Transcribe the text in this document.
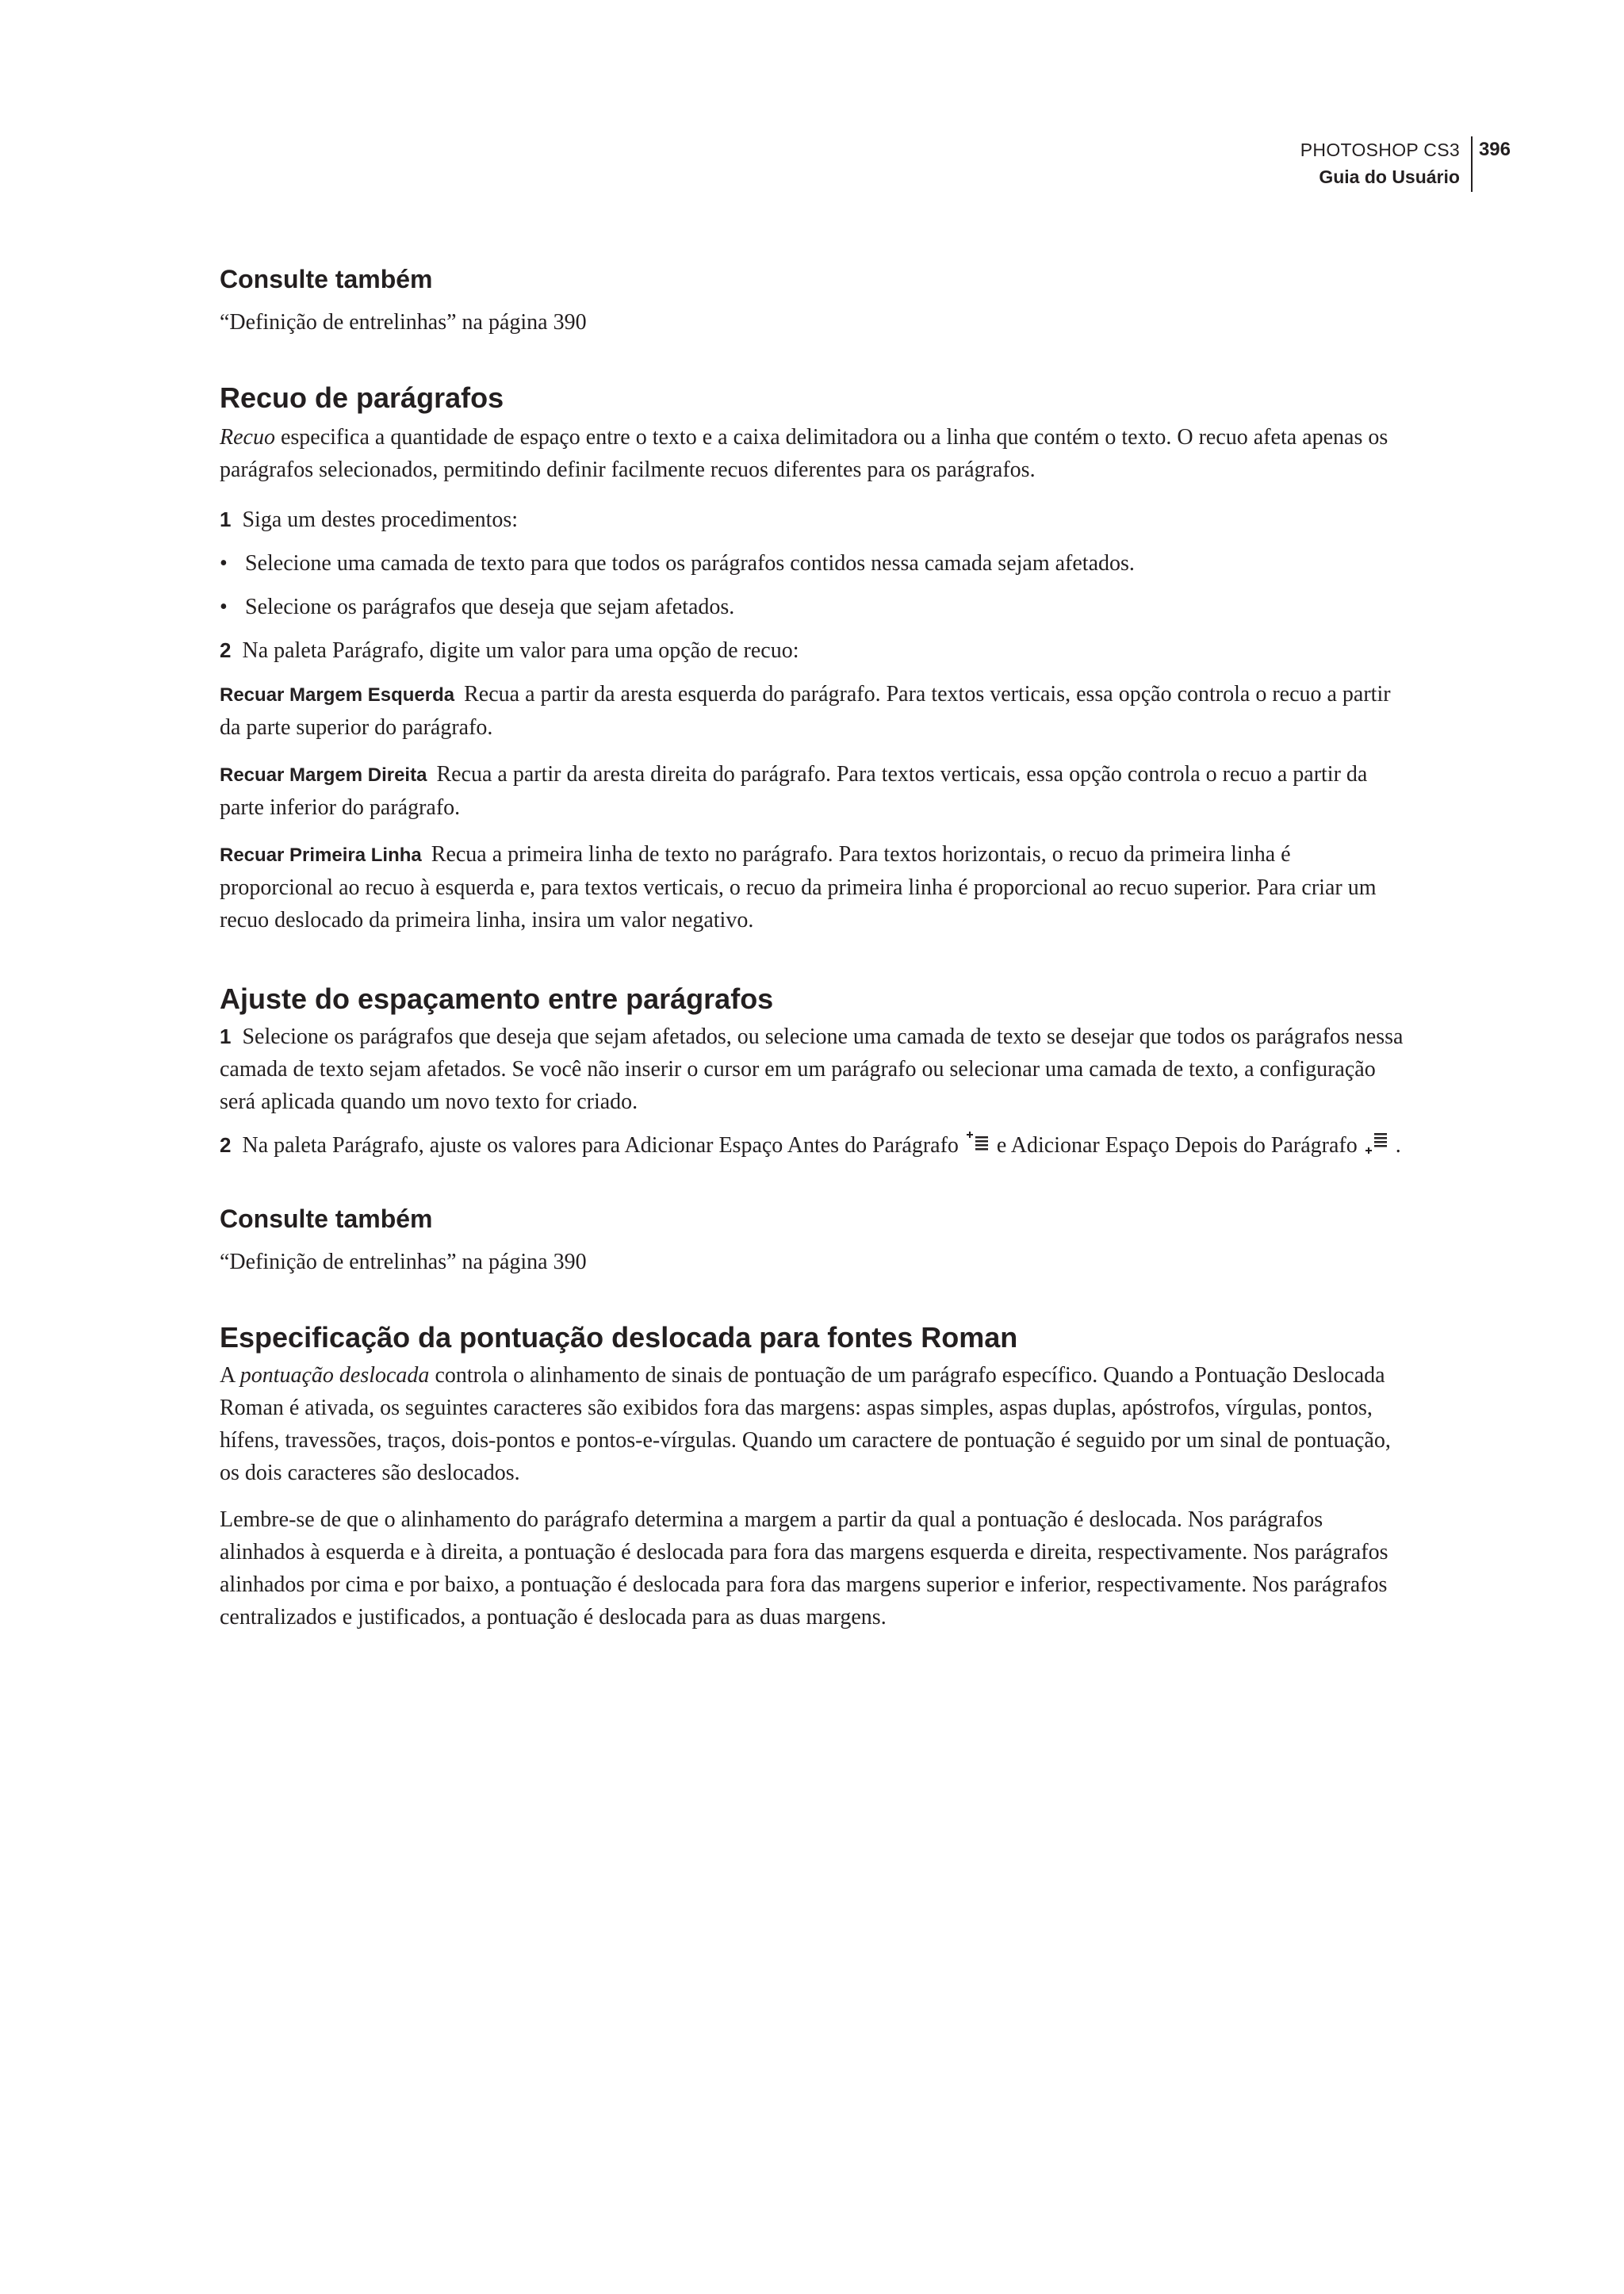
PHOTOSHOP CS3
Guia do Usuário
396
Consulte também

“Definição de entrelinhas” na página 390

Recuo de parágrafos

Recuo especifica a quantidade de espaço entre o texto e a caixa delimitadora ou a linha que contém o texto. O recuo afeta apenas os parágrafos selecionados, permitindo definir facilmente recuos diferentes para os parágrafos.

1 Siga um destes procedimentos:

• Selecione uma camada de texto para que todos os parágrafos contidos nessa camada sejam afetados.

• Selecione os parágrafos que deseja que sejam afetados.

2 Na paleta Parágrafo, digite um valor para uma opção de recuo:

Recuar Margem Esquerda Recua a partir da aresta esquerda do parágrafo. Para textos verticais, essa opção controla o recuo a partir da parte superior do parágrafo.

Recuar Margem Direita Recua a partir da aresta direita do parágrafo. Para textos verticais, essa opção controla o recuo a partir da parte inferior do parágrafo.

Recuar Primeira Linha Recua a primeira linha de texto no parágrafo. Para textos horizontais, o recuo da primeira linha é proporcional ao recuo à esquerda e, para textos verticais, o recuo da primeira linha é proporcional ao recuo superior. Para criar um recuo deslocado da primeira linha, insira um valor negativo.

Ajuste do espaçamento entre parágrafos

1 Selecione os parágrafos que deseja que sejam afetados, ou selecione uma camada de texto se desejar que todos os parágrafos nessa camada de texto sejam afetados. Se você não inserir o cursor em um parágrafo ou selecionar uma camada de texto, a configuração será aplicada quando um novo texto for criado.

2 Na paleta Parágrafo, ajuste os valores para Adicionar Espaço Antes do Parágrafo e Adicionar Espaço Depois do Parágrafo .

Consulte também

“Definição de entrelinhas” na página 390

Especificação da pontuação deslocada para fontes Roman

A pontuação deslocada controla o alinhamento de sinais de pontuação de um parágrafo específico. Quando a Pontuação Deslocada Roman é ativada, os seguintes caracteres são exibidos fora das margens: aspas simples, aspas duplas, apóstrofos, vírgulas, pontos, hífens, travessões, traços, dois-pontos e pontos-e-vírgulas. Quando um caractere de pontuação é seguido por um sinal de pontuação, os dois caracteres são deslocados.

Lembre-se de que o alinhamento do parágrafo determina a margem a partir da qual a pontuação é deslocada. Nos parágrafos alinhados à esquerda e à direita, a pontuação é deslocada para fora das margens esquerda e direita, respectivamente. Nos parágrafos alinhados por cima e por baixo, a pontuação é deslocada para fora das margens superior e inferior, respectivamente. Nos parágrafos centralizados e justificados, a pontuação é deslocada para as duas margens.
